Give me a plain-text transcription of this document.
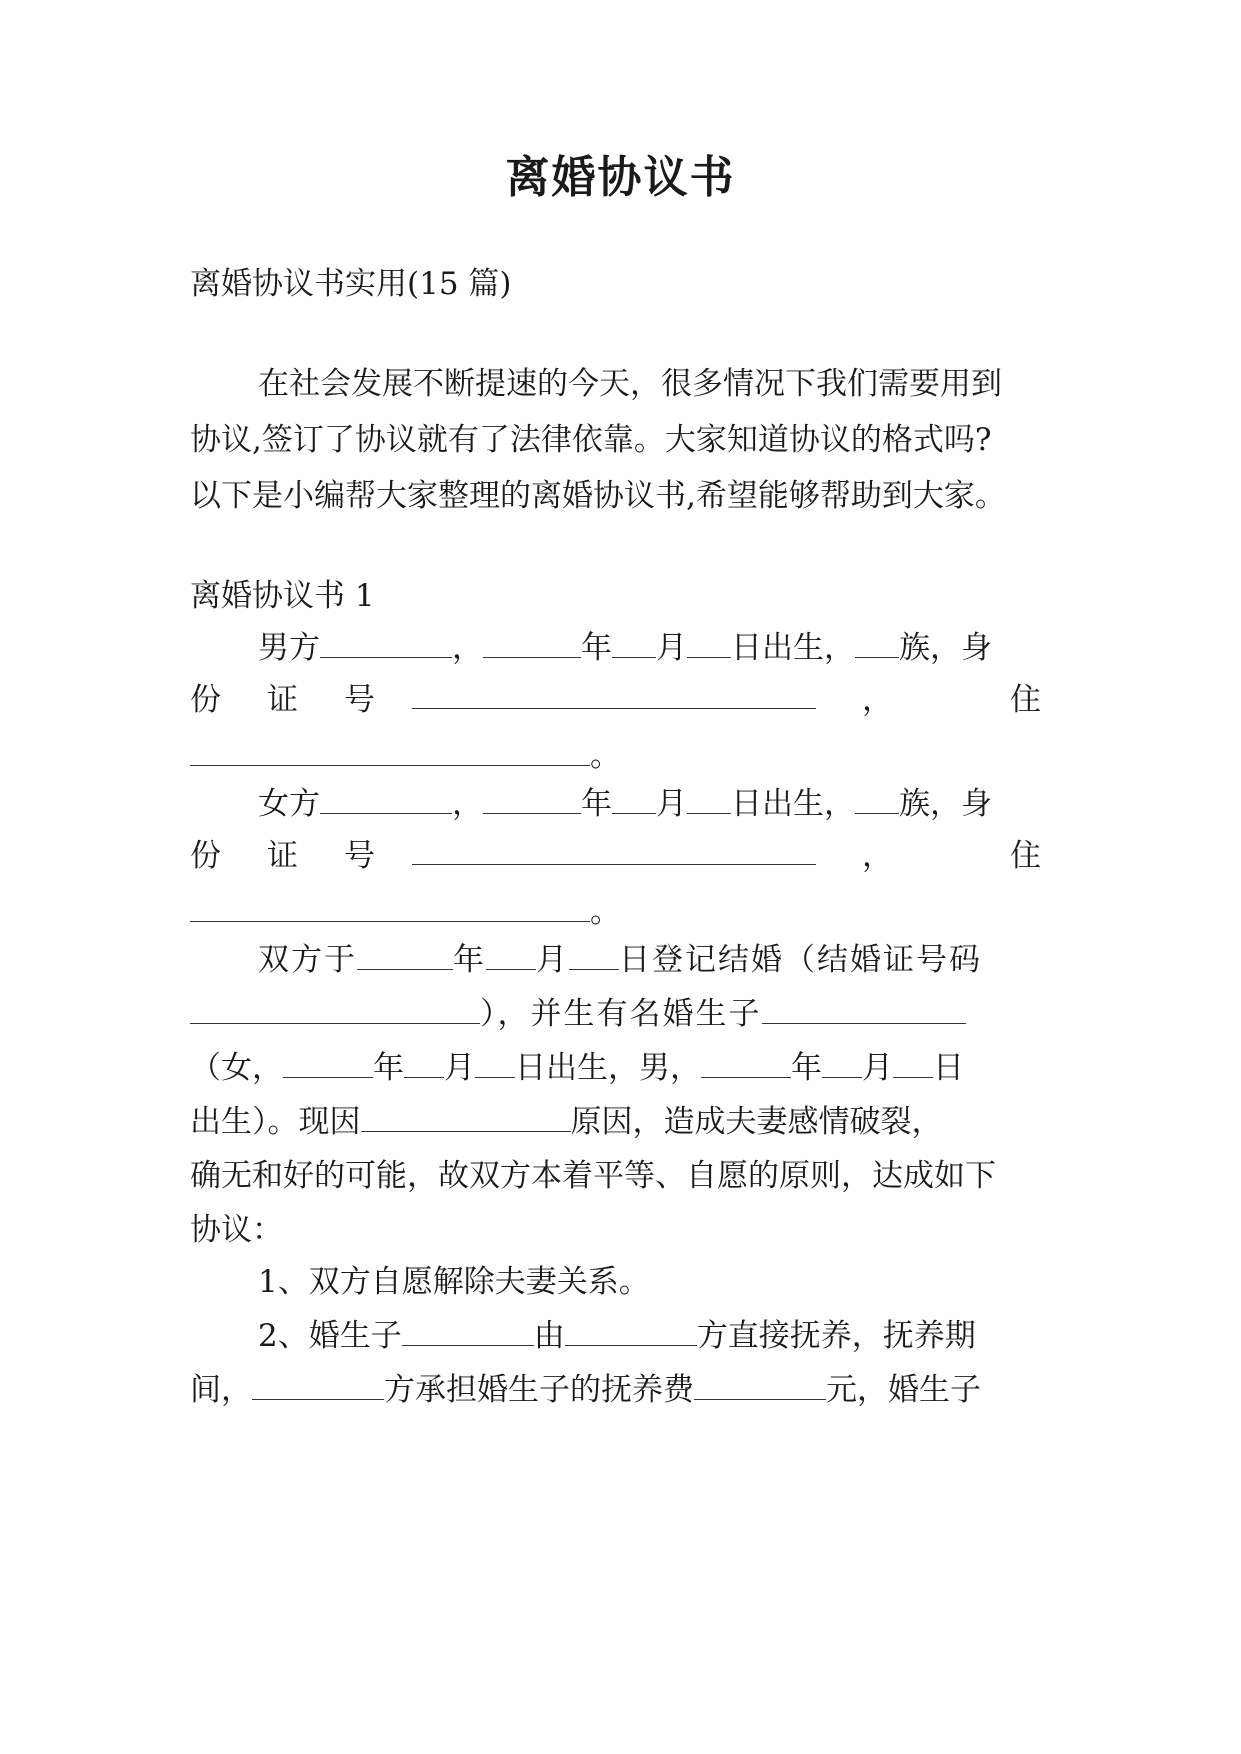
离婚协议书
离婚协议书实用(15 篇)
在社会发展不断提速的今天，很多情况下我们需要用到
协议,签订了协议就有了法律依靠。大家知道协议的格式吗?
以下是小编帮大家整理的离婚协议书,希望能够帮助到大家。
离婚协议书 1
男方	，	年 月 日出生， 族，身
份 证 号	，	住
。
女方	，	年 月 日出生， 族，身
份 证 号	，	住
。
双方于	年 月 日登记结婚（结婚证号码
），并生有名婚生子
（女，	年 月 日出生，男，	年 月 日
出生）。现因	原因，造成夫妻感情破裂，
确无和好的可能，故双方本着平等、自愿的原则，达成如下
协议：
1、双方自愿解除夫妻关系。
2、婚生子	由	方直接抚养，抚养期
间，	方承担婚生子的抚养费	元，婚生子
